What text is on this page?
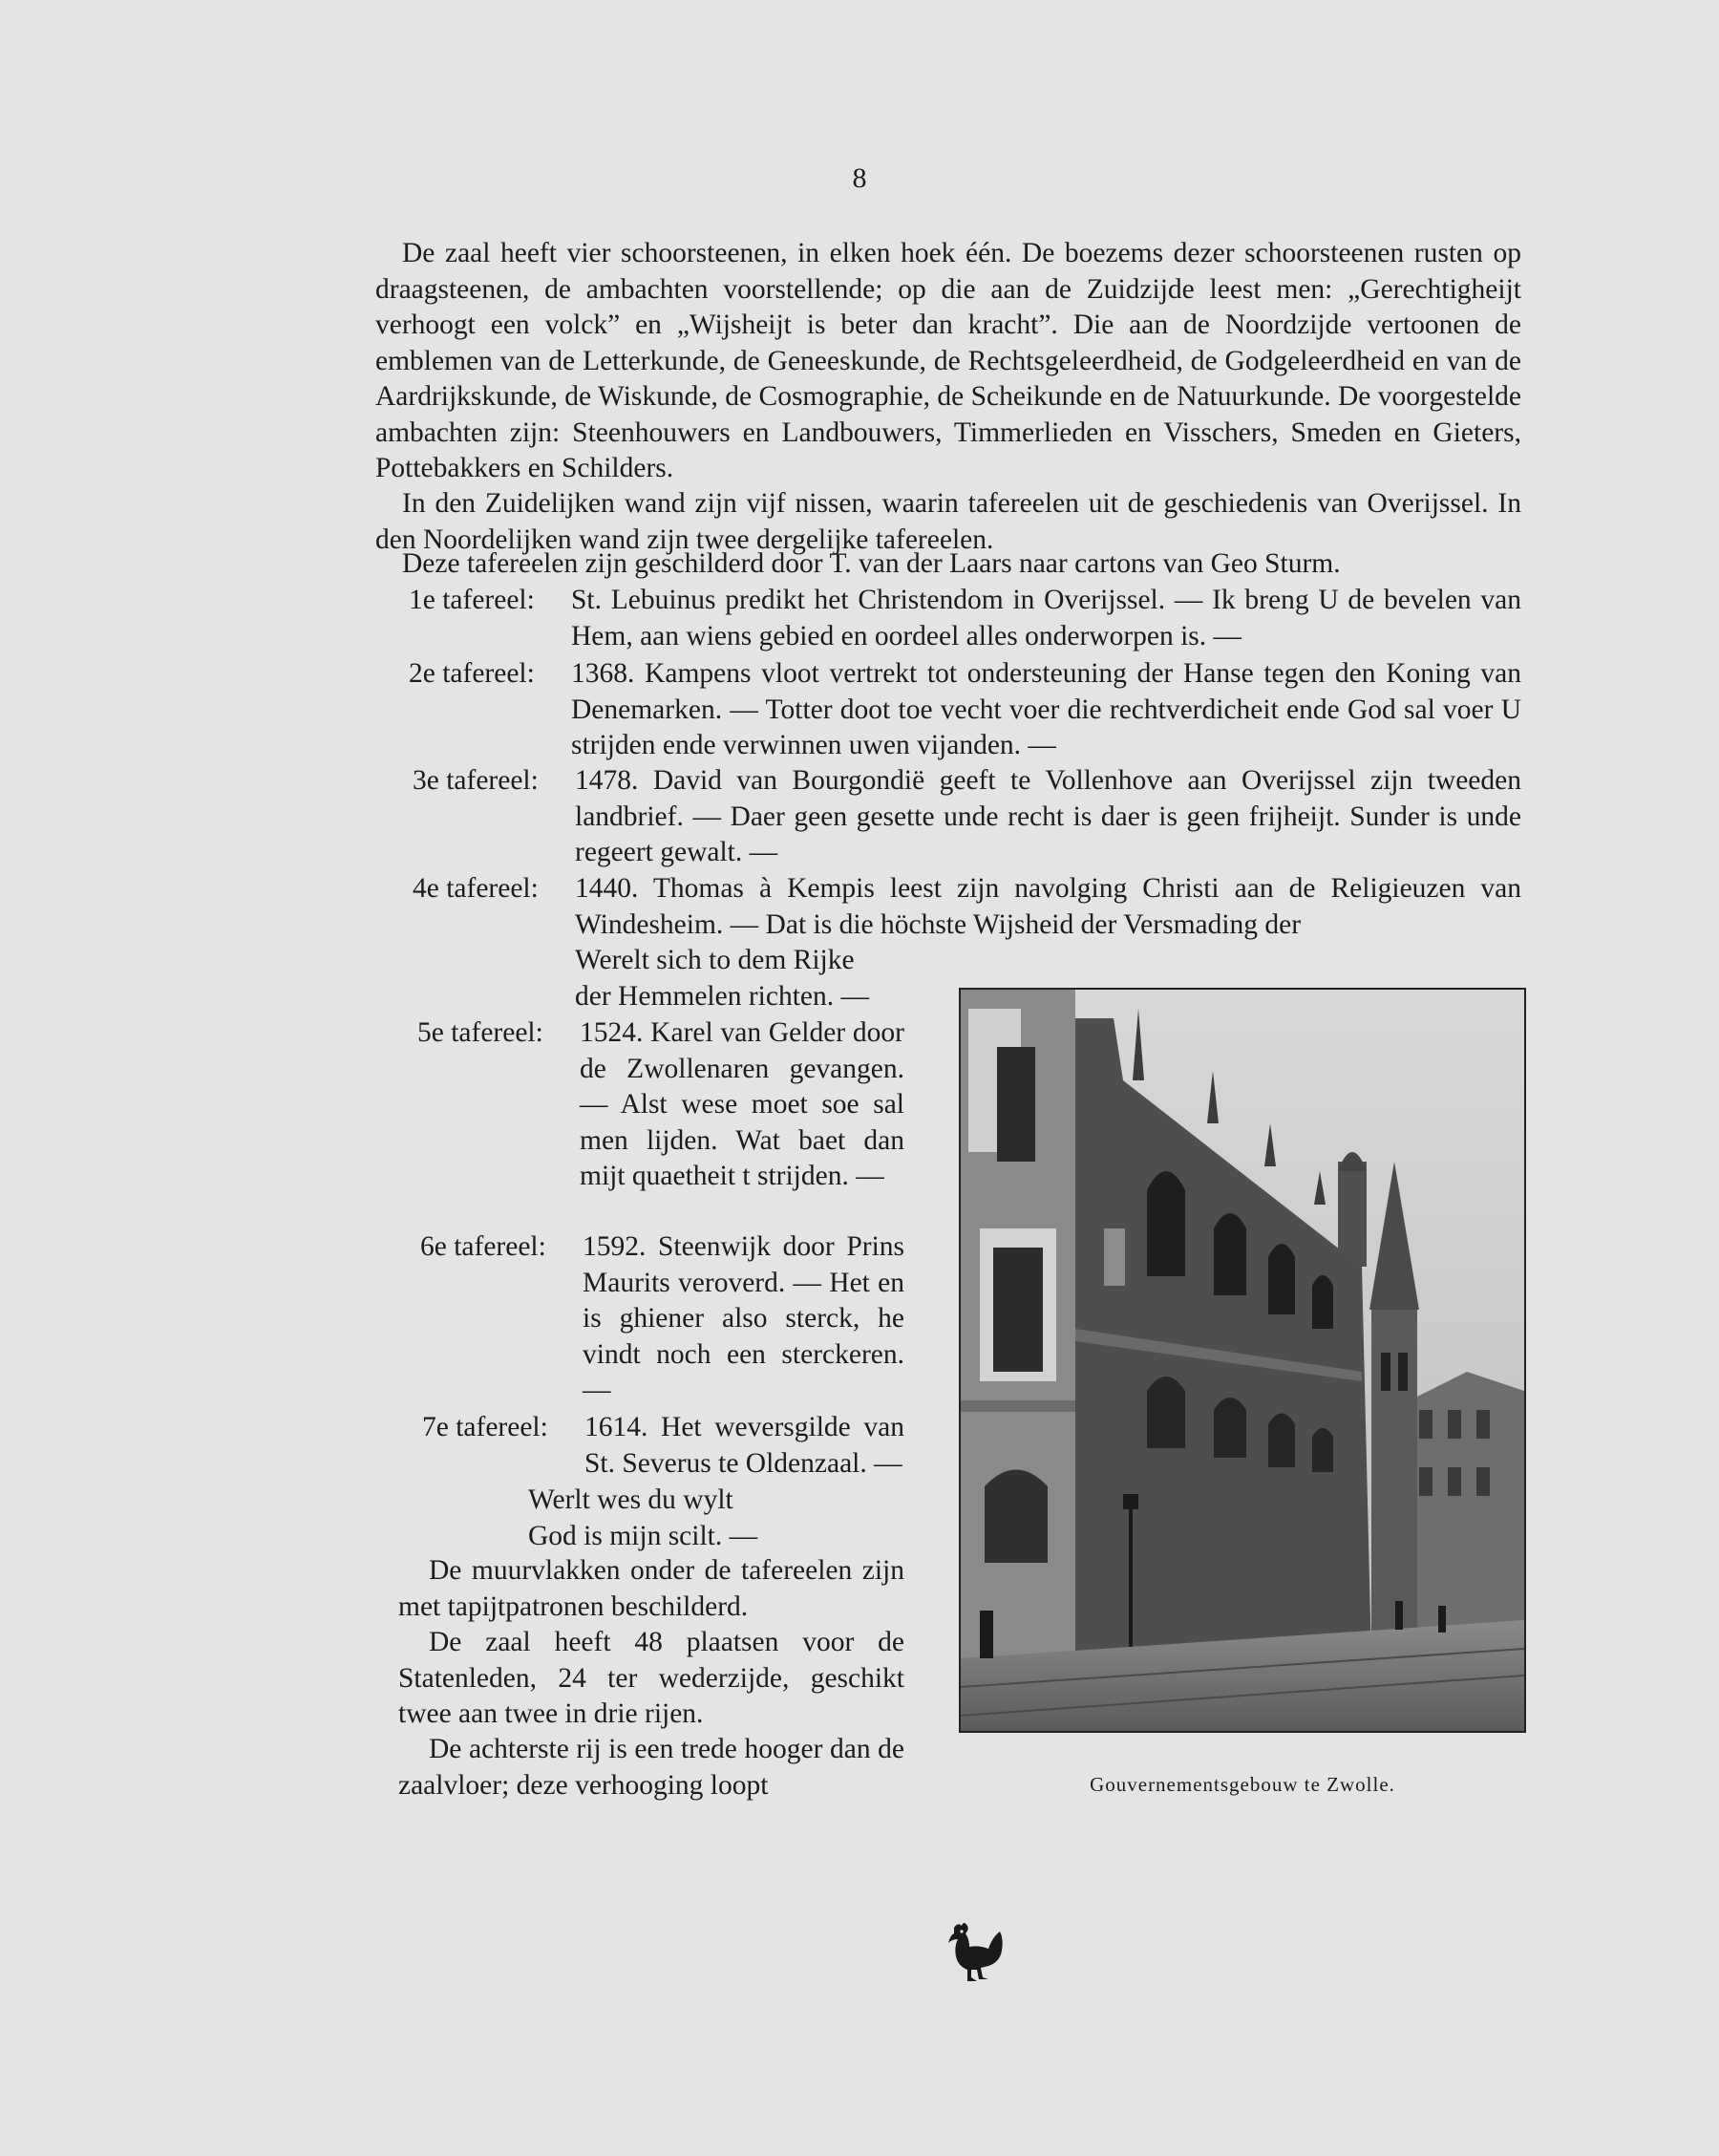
8

De zaal heeft vier schoorsteenen, in elken hoek één. De boezems dezer schoorsteenen rusten op draagsteenen, de ambachten voorstellende; op die aan de Zuidzijde leest men: „Gerechtigheijt verhoogt een volck” en „Wijsheijt is beter dan kracht”. Die aan de Noordzijde vertoonen de emblemen van de Letterkunde, de Geneeskunde, de Rechtsgeleerdheid, de Godgeleerdheid en van de Aardrijkskunde, de Wiskunde, de Cosmographie, de Scheikunde en de Natuurkunde. De voorgestelde ambachten zijn: Steenhouwers en Landbouwers, Timmerlieden en Visschers, Smeden en Gieters, Pottebakkers en Schilders.

In den Zuidelijken wand zijn vijf nissen, waarin tafereelen uit de geschiedenis van Overijssel. In den Noordelijken wand zijn twee dergelijke tafereelen.

Deze tafereelen zijn geschilderd door T. van der Laars naar cartons van Geo Sturm.

1e tafereel: St. Lebuinus predikt het Christendom in Overijssel. — Ik breng U de bevelen van Hem, aan wiens gebied en oordeel alles onderworpen is. —
2e tafereel: 1368. Kampens vloot vertrekt tot ondersteuning der Hanse tegen den Koning van Denemarken. — Totter doot toe vecht voer die rechtverdicheit ende God sal voer U strijden ende verwinnen uwen vijanden. —
3e tafereel: 1478. David van Bourgondië geeft te Vollenhove aan Overijssel zijn tweeden landbrief. — Daer geen gesette unde recht is daer is geen frijheijt. Sunder is unde regeert gewalt. —
4e tafereel: 1440. Thomas à Kempis leest zijn navolging Christi aan de Religieuzen van Windesheim. — Dat is die höchste Wijsheid der Versmading der
Werelt sich to dem Rijke
der Hemmelen richten. —
5e tafereel: 1524. Karel van Gelder door de Zwollenaren gevangen. — Alst wese moet soe sal men lijden. Wat baet dan mijt quaetheit t strijden. —
6e tafereel: 1592. Steenwijk door Prins Maurits veroverd. — Het en is ghiener also sterck, he vindt noch een sterckeren. —
7e tafereel: 1614. Het weversgilde van St. Severus te Oldenzaal. —
Werlt wes du wylt
God is mijn scilt. —

De muurvlakken onder de tafereelen zijn met tapijtpatronen beschilderd.

De zaal heeft 48 plaatsen voor de Statenleden, 24 ter wederzijde, geschikt twee aan twee in drie rijen.

De achterste rij is een trede hooger dan de zaalvloer; deze verhooging loopt	Gouvernementsgebouw te Zwolle.
